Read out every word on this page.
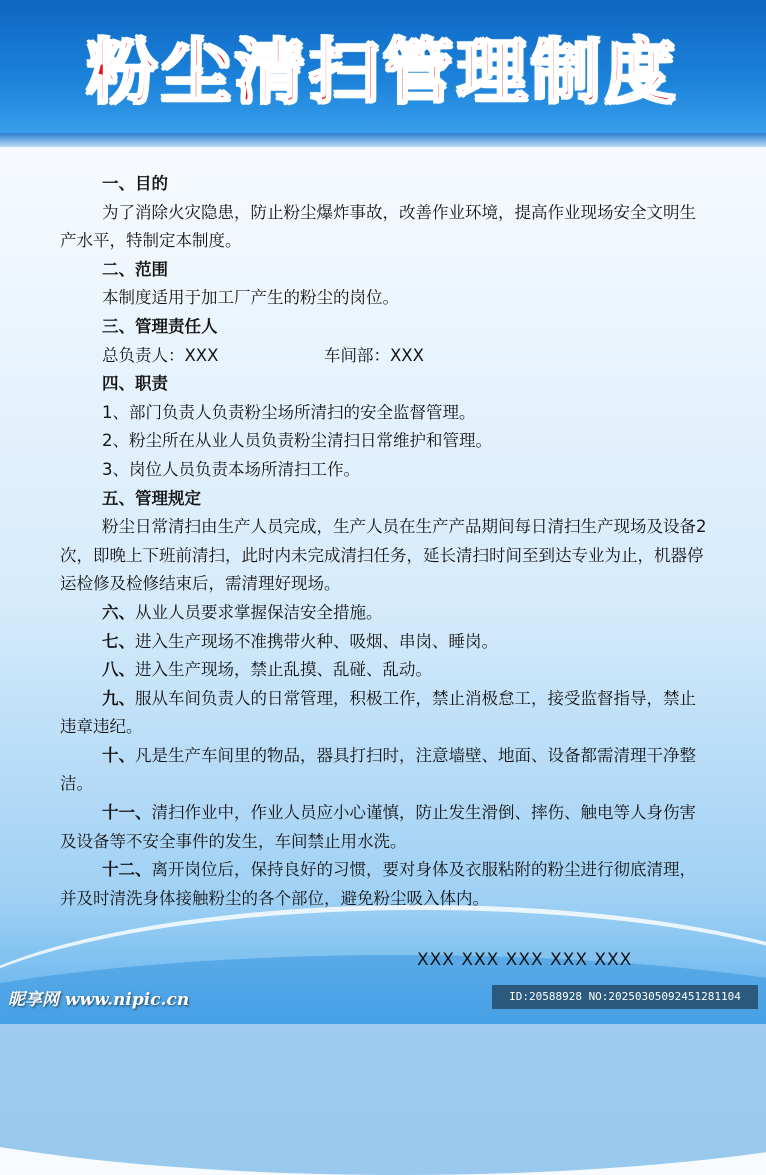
粉尘清扫管理制度

一、目的

为了消除火灾隐患，防止粉尘爆炸事故，改善作业环境，提高作业现场安全文明生产水平，特制定本制度。

二、范围

本制度适用于加工厂产生的粉尘的岗位。

三、管理责任人

总负责人：XXX	车间部：XXX

四、职责

1、部门负责人负责粉尘场所清扫的安全监督管理。

2、粉尘所在从业人员负责粉尘清扫日常维护和管理。

3、岗位人员负责本场所清扫工作。

五、管理规定

粉尘日常清扫由生产人员完成，生产人员在生产产品期间每日清扫生产现场及设备2次，即晚上下班前清扫，此时内未完成清扫任务，延长清扫时间至到达专业为止，机器停运检修及检修结束后，需清理好现场。

六、从业人员要求掌握保洁安全措施。

七、进入生产现场不准携带火种、吸烟、串岗、睡岗。

八、进入生产现场，禁止乱摸、乱碰、乱动。

九、服从车间负责人的日常管理，积极工作，禁止消极怠工，接受监督指导，禁止违章违纪。

十、凡是生产车间里的物品，器具打扫时，注意墙壁、地面、设备都需清理干净整洁。

十一、清扫作业中，作业人员应小心谨慎，防止发生滑倒、摔伤、触电等人身伤害及设备等不安全事件的发生，车间禁止用水洗。

十二、离开岗位后，保持良好的习惯，要对身体及衣服粘附的粉尘进行彻底清理，并及时清洗身体接触粉尘的各个部位，避免粉尘吸入体内。

XXX XXX XXX XXX XXX
昵享网 www.nipic.cn	ID:20588928 NO:20250305092451281104
